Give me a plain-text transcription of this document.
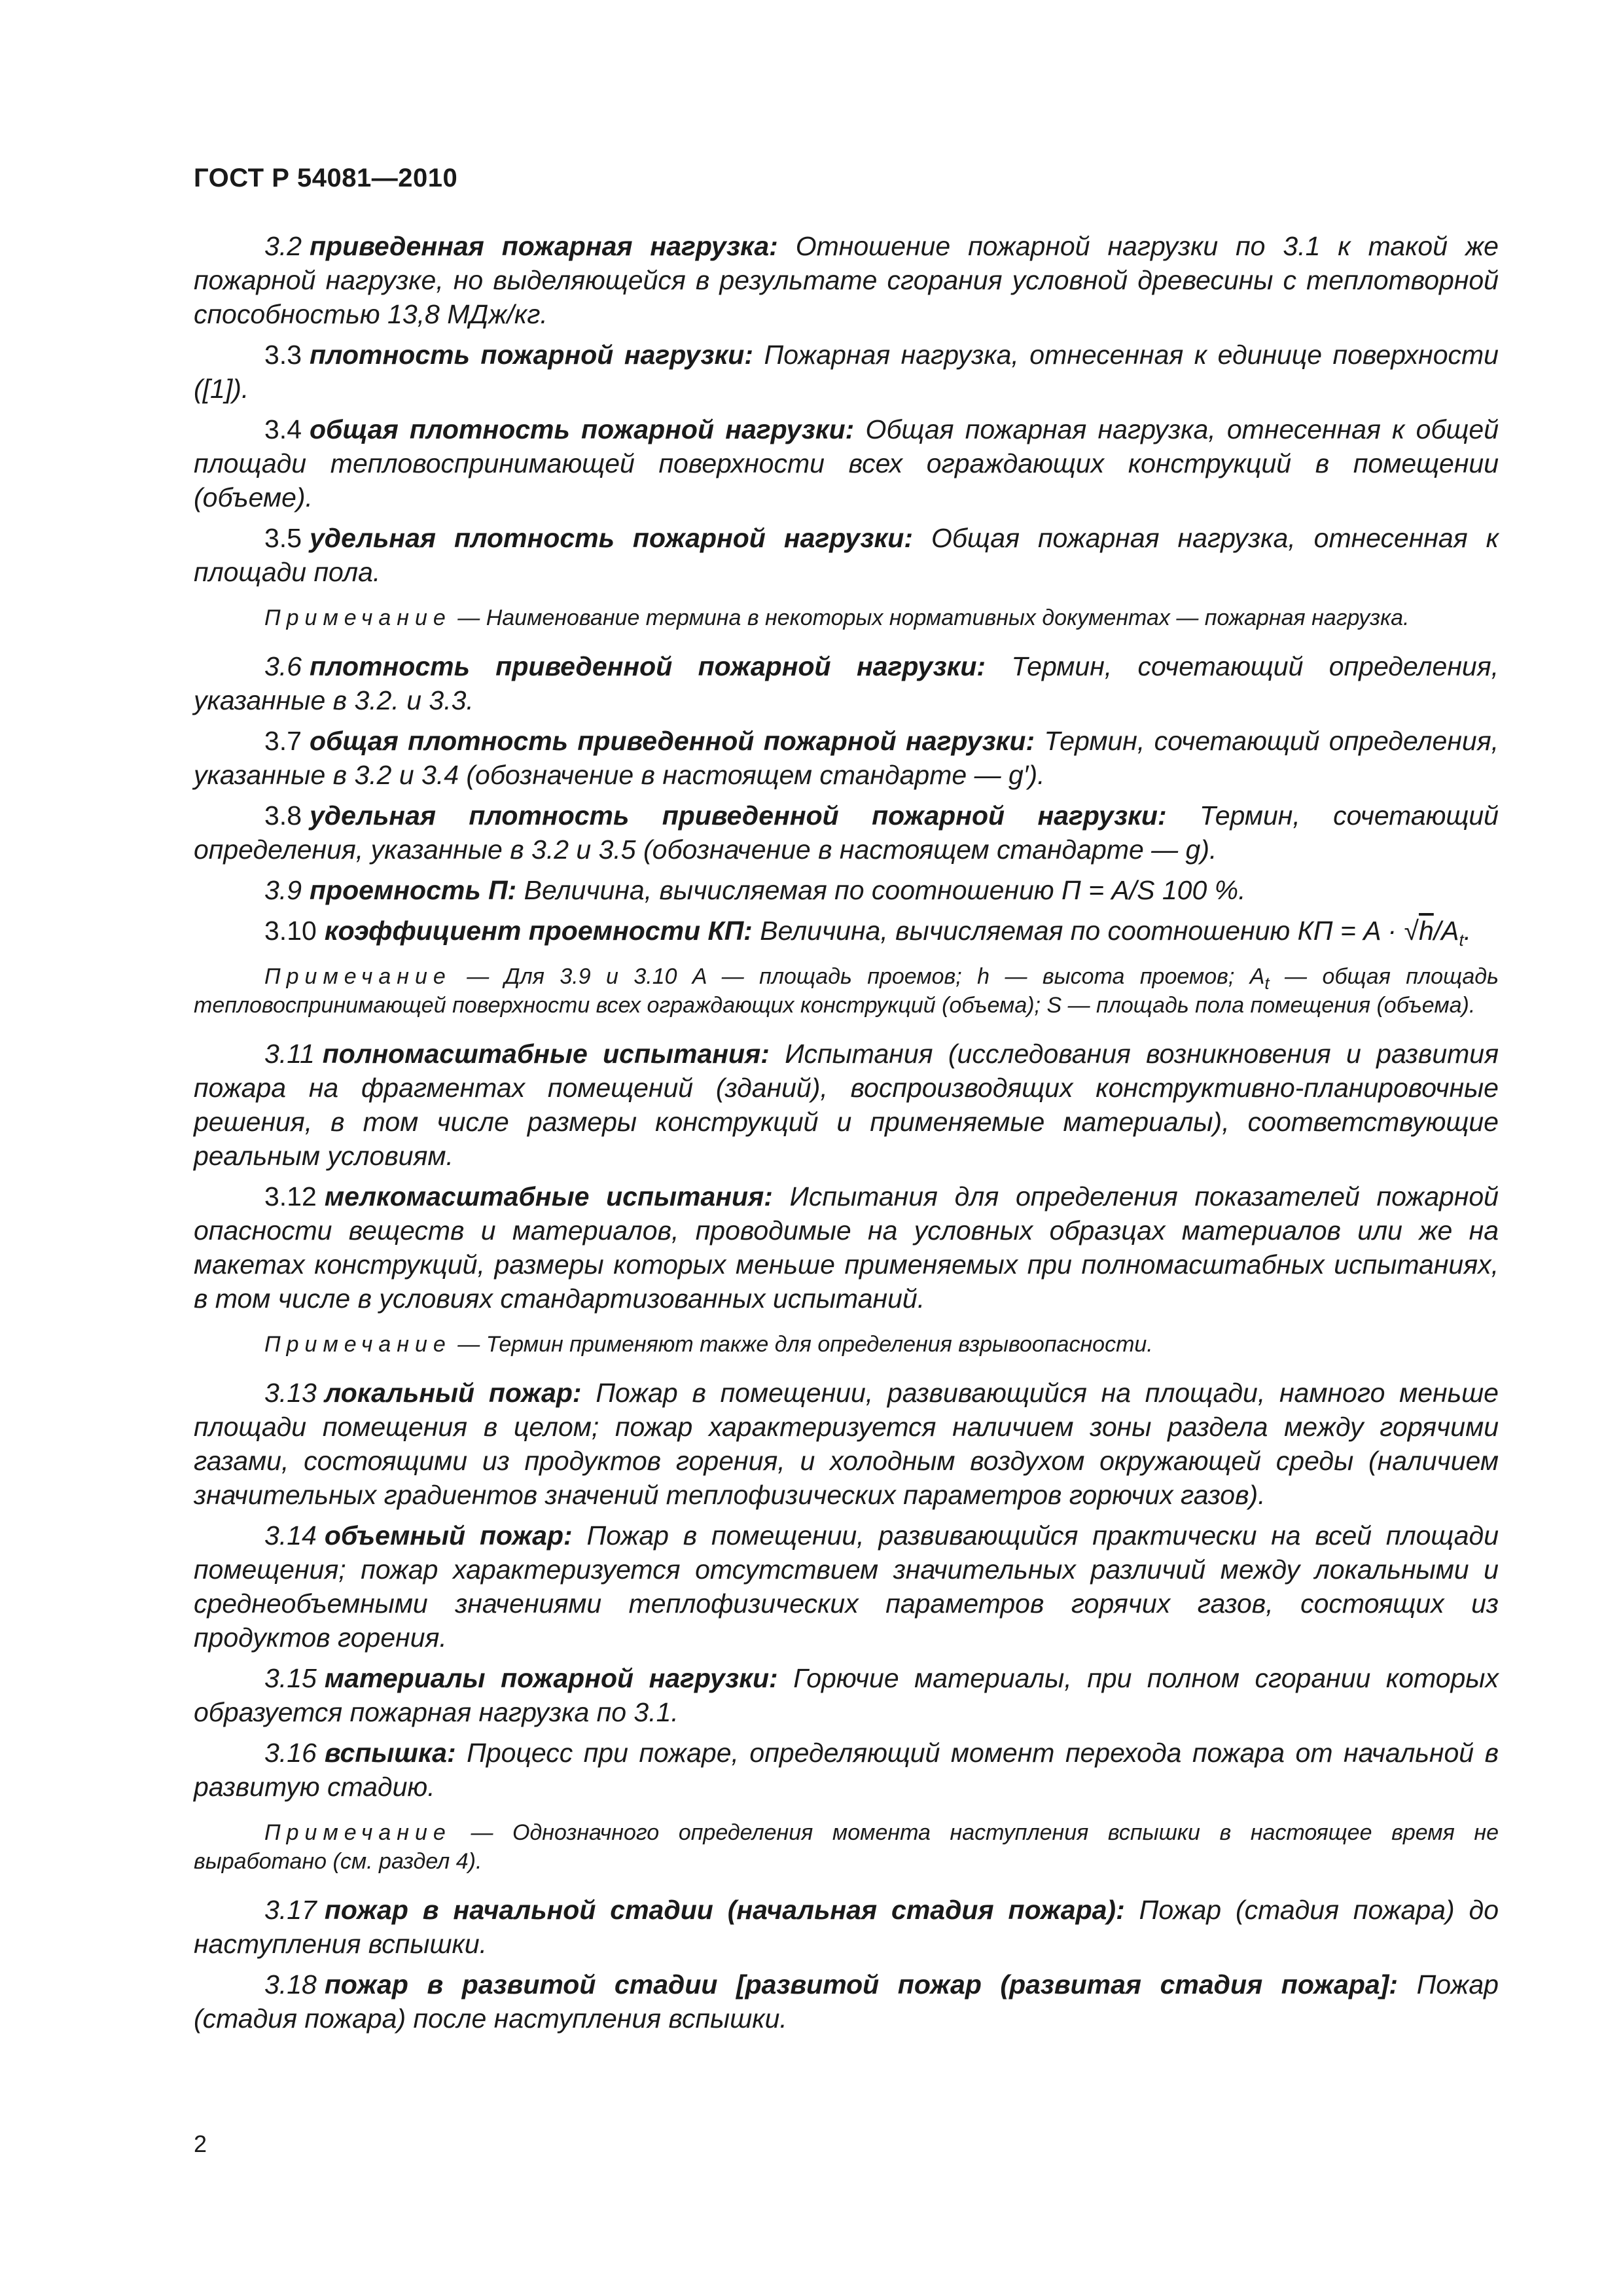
ГОСТ Р 54081—2010

3.2 приведенная пожарная нагрузка: Отношение пожарной нагрузки по 3.1 к такой же пожарной нагрузке, но выделяющейся в результате сгорания условной древесины с теплотворной способностью 13,8 МДж/кг.

3.3 плотность пожарной нагрузки: Пожарная нагрузка, отнесенная к единице поверхности ([1]).

3.4 общая плотность пожарной нагрузки: Общая пожарная нагрузка, отнесенная к общей площади тепловоспринимающей поверхности всех ограждающих конструкций в помещении (объеме).

3.5 удельная плотность пожарной нагрузки: Общая пожарная нагрузка, отнесенная к площади пола.

Примечание — Наименование термина в некоторых нормативных документах — пожарная нагрузка.

3.6 плотность приведенной пожарной нагрузки: Термин, сочетающий определения, указанные в 3.2. и 3.3.

3.7 общая плотность приведенной пожарной нагрузки: Термин, сочетающий определения, указанные в 3.2 и 3.4 (обозначение в настоящем стандарте — g′).

3.8 удельная плотность приведенной пожарной нагрузки: Термин, сочетающий определения, указанные в 3.2 и 3.5 (обозначение в настоящем стандарте — g).

3.9 проемность П: Величина, вычисляемая по соотношению П = A/S 100 %.

3.10 коэффициент проемности КП: Величина, вычисляемая по соотношению КП = $A \cdot √h/A_t$.

Примечание — Для 3.9 и 3.10 A — площадь проемов; h — высота проемов; $A_t$ — общая площадь тепловоспринимающей поверхности всех ограждающих конструкций (объема); S — площадь пола помещения (объема).

3.11 полномасштабные испытания: Испытания (исследования возникновения и развития пожара на фрагментах помещений (зданий), воспроизводящих конструктивно-планировочные решения, в том числе размеры конструкций и применяемые материалы), соответствующие реальным условиям.

3.12 мелкомасштабные испытания: Испытания для определения показателей пожарной опасности веществ и материалов, проводимые на условных образцах материалов или же на макетах конструкций, размеры которых меньше применяемых при полномасштабных испытаниях, в том числе в условиях стандартизованных испытаний.

Примечание — Термин применяют также для определения взрывоопасности.

3.13 локальный пожар: Пожар в помещении, развивающийся на площади, намного меньше площади помещения в целом; пожар характеризуется наличием зоны раздела между горячими газами, состоящими из продуктов горения, и холодным воздухом окружающей среды (наличием значительных градиентов значений теплофизических параметров горючих газов).

3.14 объемный пожар: Пожар в помещении, развивающийся практически на всей площади помещения; пожар характеризуется отсутствием значительных различий между локальными и среднеобъемными значениями теплофизических параметров горячих газов, состоящих из продуктов горения.

3.15 материалы пожарной нагрузки: Горючие материалы, при полном сгорании которых образуется пожарная нагрузка по 3.1.

3.16 вспышка: Процесс при пожаре, определяющий момент перехода пожара от начальной в развитую стадию.

Примечание — Однозначного определения момента наступления вспышки в настоящее время не выработано (см. раздел 4).

3.17 пожар в начальной стадии (начальная стадия пожара): Пожар (стадия пожара) до наступления вспышки.

3.18 пожар в развитой стадии [развитой пожар (развитая стадия пожара]: Пожар (стадия пожара) после наступления вспышки.

2
